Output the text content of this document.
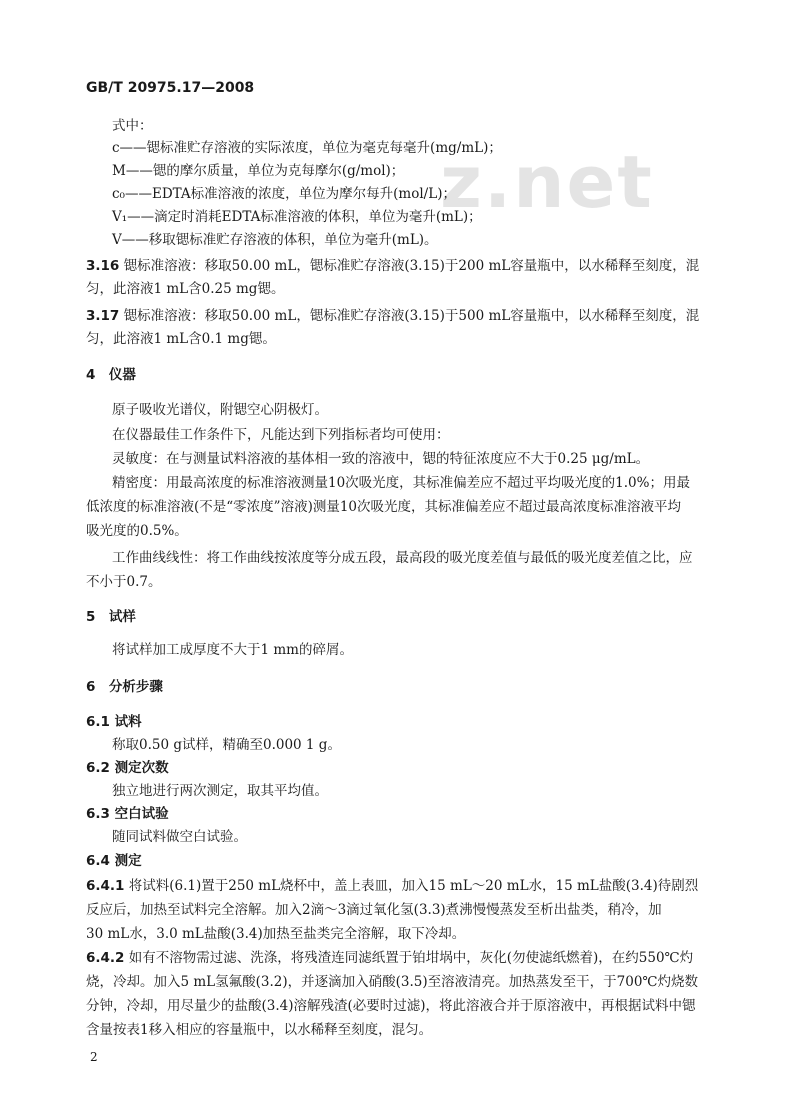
z.net
GB/T 20975.17—2008
式中：
c——锶标准贮存溶液的实际浓度，单位为毫克每毫升(mg/mL)；
M——锶的摩尔质量，单位为克每摩尔(g/mol)；
c₀——EDTA标准溶液的浓度，单位为摩尔每升(mol/L)；
V₁——滴定时消耗EDTA标准溶液的体积，单位为毫升(mL)；
V——移取锶标准贮存溶液的体积，单位为毫升(mL)。
3.16 锶标准溶液：移取50.00 mL，锶标准贮存溶液(3.15)于200 mL容量瓶中，以水稀释至刻度，混
匀，此溶液1 mL含0.25 mg锶。
3.17 锶标准溶液：移取50.00 mL，锶标准贮存溶液(3.15)于500 mL容量瓶中，以水稀释至刻度，混
匀，此溶液1 mL含0.1 mg锶。
4　仪器
原子吸收光谱仪，附锶空心阴极灯。
在仪器最佳工作条件下，凡能达到下列指标者均可使用：
灵敏度：在与测量试料溶液的基体相一致的溶液中，锶的特征浓度应不大于0.25 μg/mL。
精密度：用最高浓度的标准溶液测量10次吸光度，其标准偏差应不超过平均吸光度的1.0%；用最
低浓度的标准溶液(不是“零浓度”溶液)测量10次吸光度，其标准偏差应不超过最高浓度标准溶液平均
吸光度的0.5%。
工作曲线线性：将工作曲线按浓度等分成五段，最高段的吸光度差值与最低的吸光度差值之比，应
不小于0.7。
5　试样
将试样加工成厚度不大于1 mm的碎屑。
6　分析步骤
6.1 试料
称取0.50 g试样，精确至0.000 1 g。
6.2 测定次数
独立地进行两次测定，取其平均值。
6.3 空白试验
随同试料做空白试验。
6.4 测定
6.4.1 将试料(6.1)置于250 mL烧杯中，盖上表皿，加入15 mL～20 mL水，15 mL盐酸(3.4)待剧烈
反应后，加热至试料完全溶解。加入2滴～3滴过氧化氢(3.3)煮沸慢慢蒸发至析出盐类，稍冷，加
30 mL水，3.0 mL盐酸(3.4)加热至盐类完全溶解，取下冷却。
6.4.2 如有不溶物需过滤、洗涤，将残渣连同滤纸置于铂坩埚中，灰化(勿使滤纸燃着)，在约550℃灼
烧，冷却。加入5 mL氢氟酸(3.2)，并逐滴加入硝酸(3.5)至溶液清亮。加热蒸发至干，于700℃灼烧数
分钟，冷却，用尽量少的盐酸(3.4)溶解残渣(必要时过滤)，将此溶液合并于原溶液中，再根据试料中锶
含量按表1移入相应的容量瓶中，以水稀释至刻度，混匀。
2
